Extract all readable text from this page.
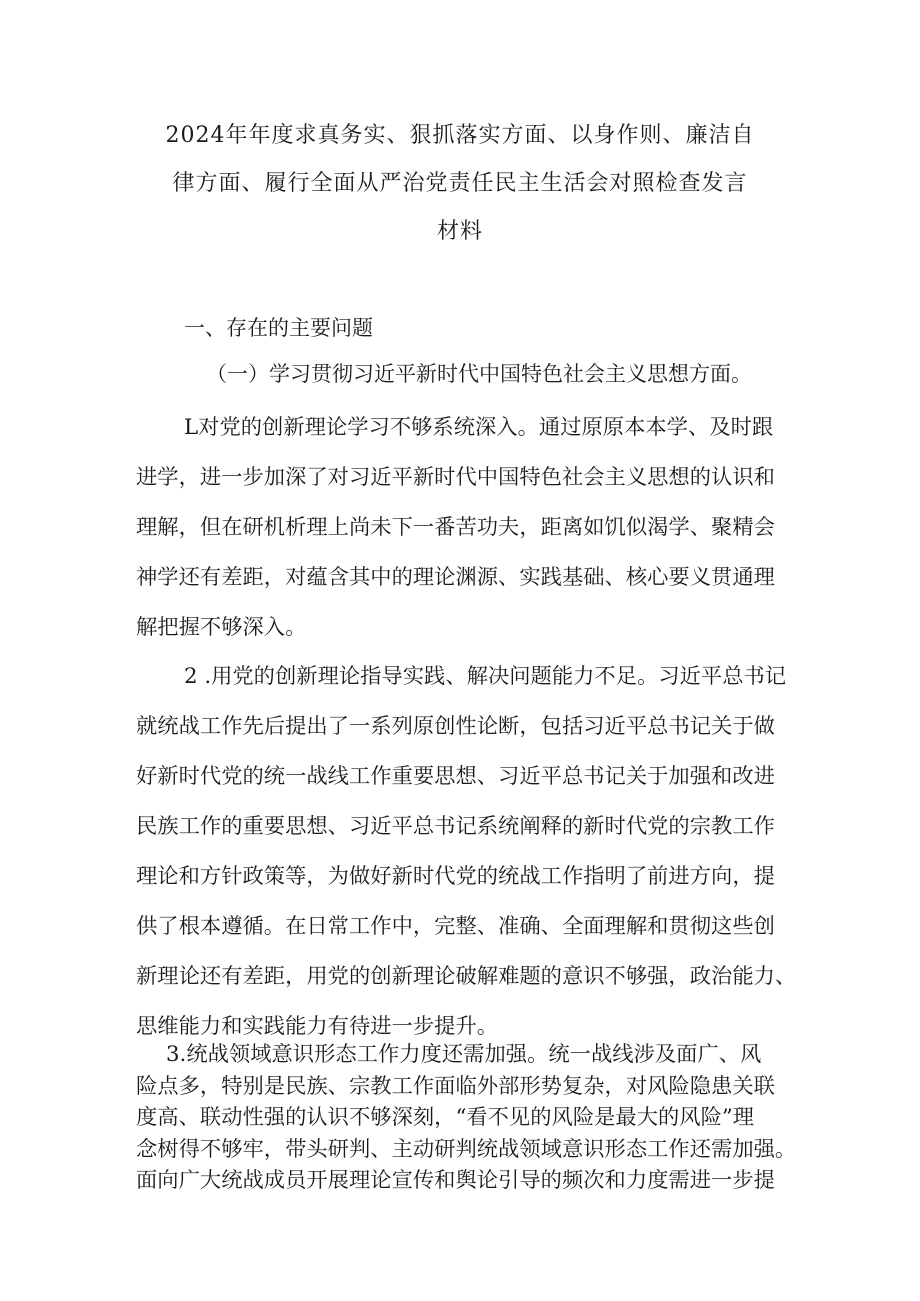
2024年年度求真务实、狠抓落实方面、以身作则、廉洁自
律方面、履行全面从严治党责任民主生活会对照检查发言
材料
一、存在的主要问题
（一）学习贯彻习近平新时代中国特色社会主义思想方面。
L对党的创新理论学习不够系统深入。通过原原本本学、及时跟
进学，进一步加深了对习近平新时代中国特色社会主义思想的认识和
理解，但在研机析理上尚未下一番苦功夫，距离如饥似渴学、聚精会
神学还有差距，对蕴含其中的理论渊源、实践基础、核心要义贯通理
解把握不够深入。
2 .用党的创新理论指导实践、解决问题能力不足。习近平总书记
就统战工作先后提出了一系列原创性论断，包括习近平总书记关于做
好新时代党的统一战线工作重要思想、习近平总书记关于加强和改进
民族工作的重要思想、习近平总书记系统阐释的新时代党的宗教工作
理论和方针政策等，为做好新时代党的统战工作指明了前进方向，提
供了根本遵循。在日常工作中，完整、准确、全面理解和贯彻这些创
新理论还有差距，用党的创新理论破解难题的意识不够强，政治能力、
思维能力和实践能力有待进一步提升。
3.统战领域意识形态工作力度还需加强。统一战线涉及面广、风
险点多，特别是民族、宗教工作面临外部形势复杂，对风险隐患关联
度高、联动性强的认识不够深刻，“看不见的风险是最大的风险”理
念树得不够牢，带头研判、主动研判统战领域意识形态工作还需加强。
面向广大统战成员开展理论宣传和舆论引导的频次和力度需进一步提
